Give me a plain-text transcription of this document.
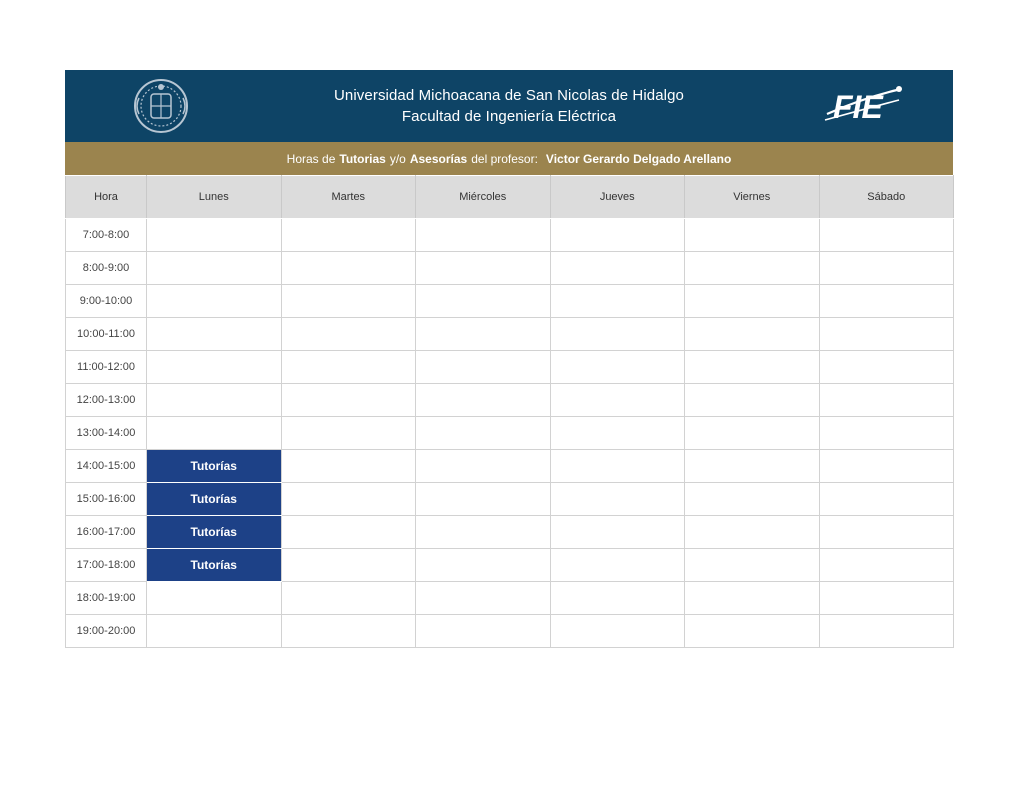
Universidad Michoacana de San Nicolas de Hidalgo
Facultad de Ingeniería Eléctrica	FIE
Horas de Tutorias y/o Asesorías del profesor: Victor Gerardo Delgado Arellano
Hora	Lunes	Martes	Miércoles	Jueves	Viernes	Sábado
7:00-8:00						
8:00-9:00						
9:00-10:00						
10:00-11:00						
11:00-12:00						
12:00-13:00						
13:00-14:00						
14:00-15:00	Tutorías					
15:00-16:00	Tutorías					
16:00-17:00	Tutorías					
17:00-18:00	Tutorías					
18:00-19:00						
19:00-20:00						
